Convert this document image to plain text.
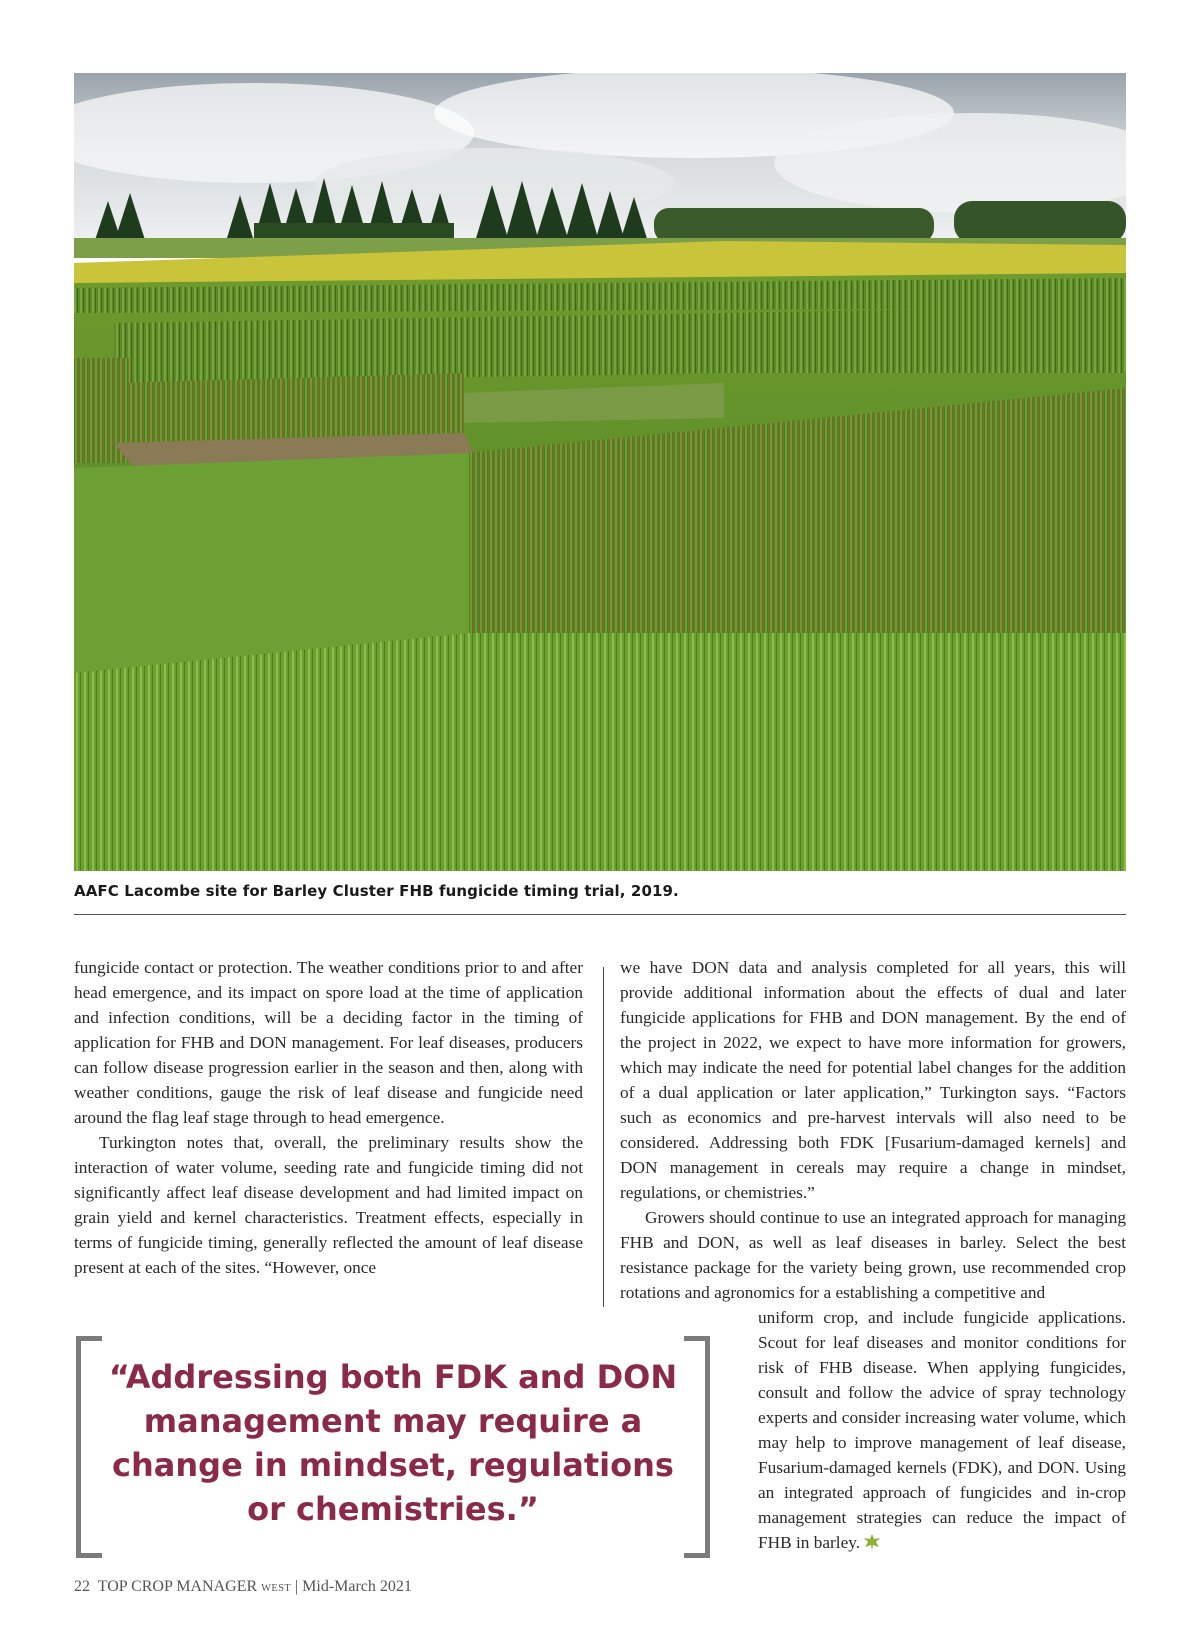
AAFC Lacombe site for Barley Cluster FHB fungicide timing trial, 2019.

fungicide contact or protection. The weather conditions prior to and after head emergence, and its impact on spore load at the time of application and infection conditions, will be a deciding factor in the timing of application for FHB and DON management. For leaf diseases, producers can follow disease progression earlier in the season and then, along with weather conditions, gauge the risk of leaf disease and fungicide need around the flag leaf stage through to head emergence.

Turkington notes that, overall, the preliminary results show the interaction of water volume, seeding rate and fungicide timing did not significantly affect leaf disease development and had limited impact on grain yield and kernel characteristics. Treatment effects, especially in terms of fungicide timing, generally reflected the amount of leaf disease present at each of the sites. “However, once

we have DON data and analysis completed for all years, this will provide additional information about the effects of dual and later fungicide applications for FHB and DON management. By the end of the project in 2022, we expect to have more information for growers, which may indicate the need for potential label changes for the addition of a dual application or later application,” Turkington says. “Factors such as economics and pre-harvest intervals will also need to be considered. Addressing both FDK [Fusarium-damaged kernels] and DON management in cereals may require a change in mindset, regulations, or chemistries.”

Growers should continue to use an integrated approach for managing FHB and DON, as well as leaf diseases in barley. Select the best resistance package for the variety being grown, use recommended crop rotations and agronomics for a establishing a competitive and

uniform crop, and include fungicide applications. Scout for leaf diseases and monitor conditions for risk of FHB disease. When applying fungicides, consult and follow the advice of spray technology experts and consider increasing water volume, which may help to improve management of leaf disease, Fusarium-damaged kernels (FDK), and DON. Using an integrated approach of fungicides and in-crop management strategies can reduce the impact of FHB in barley.

“Addressing both FDK and DON management may require a change in mindset, regulations or chemistries.”
22 TOP CROP MANAGER WEST | Mid-March 2021
